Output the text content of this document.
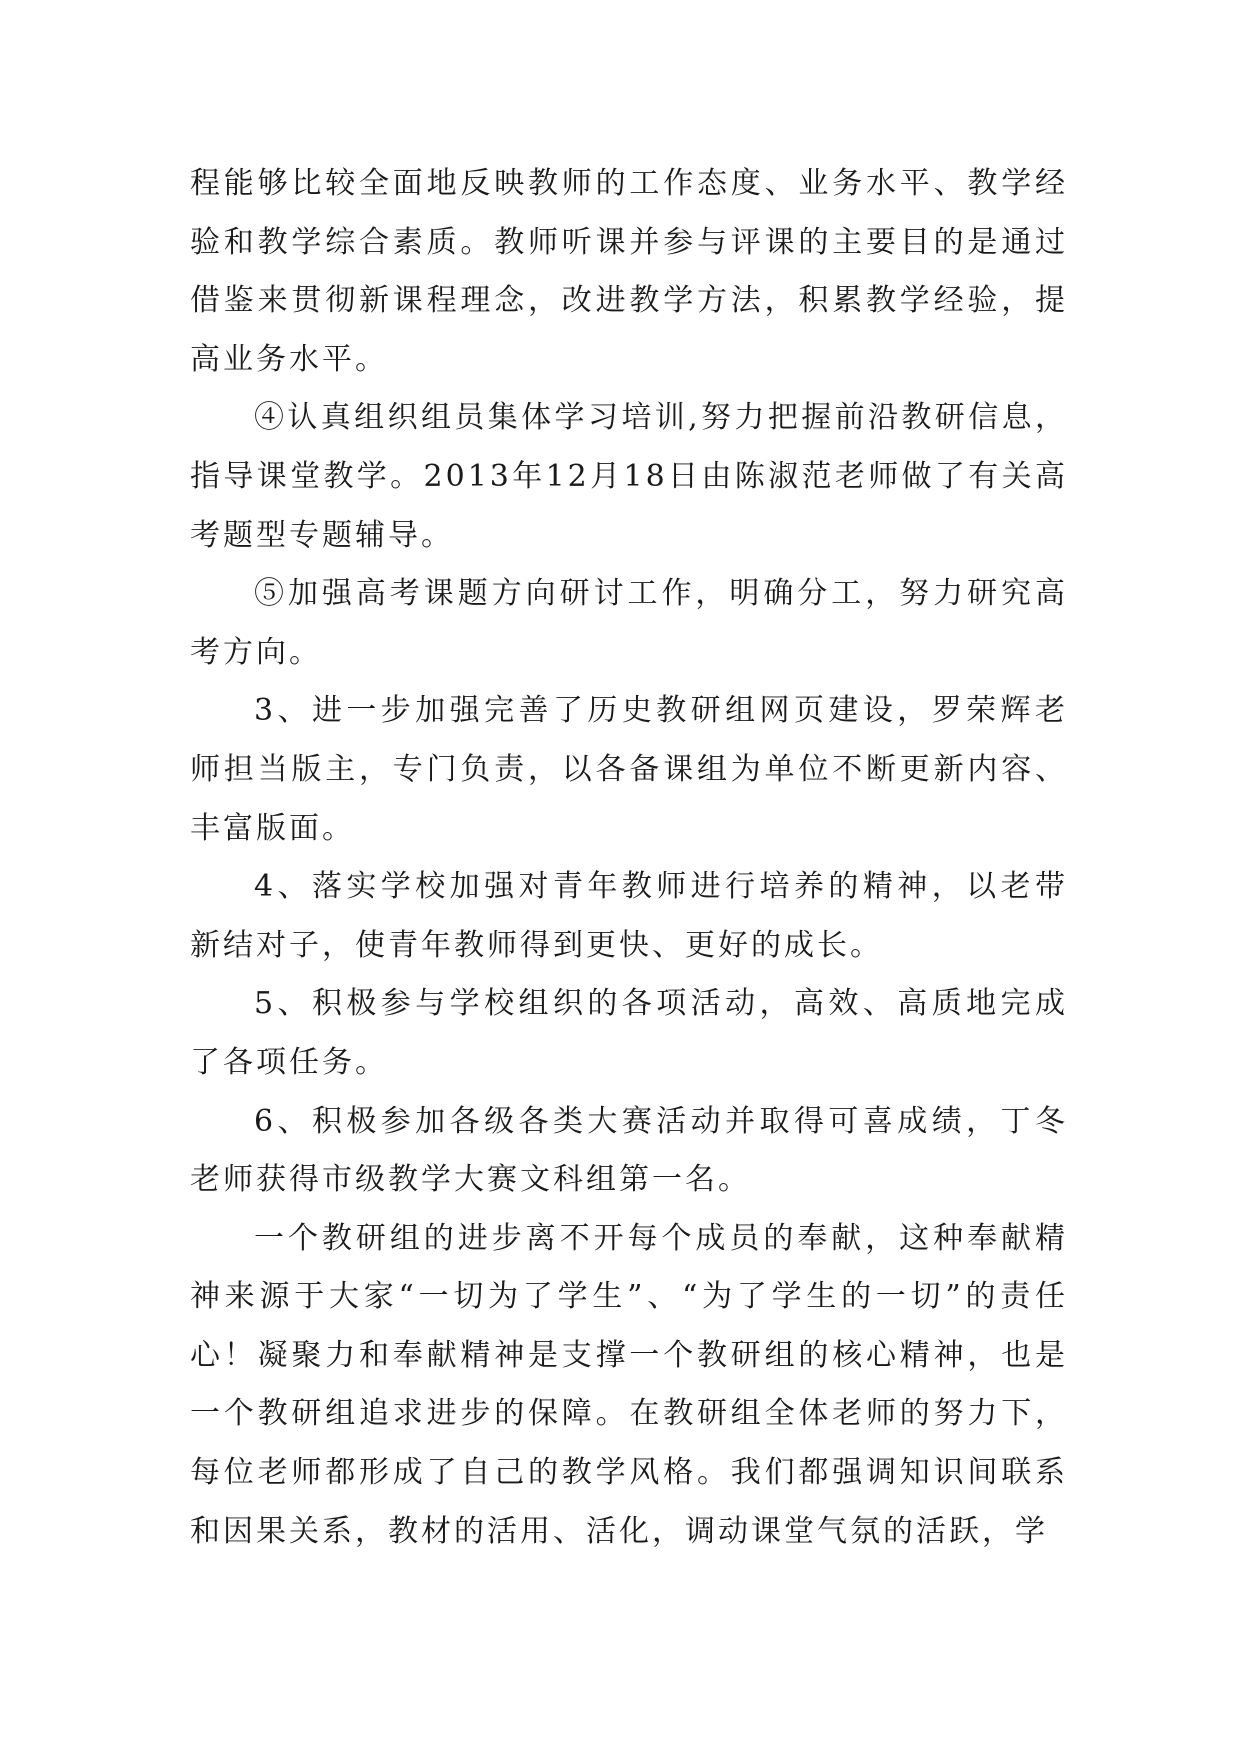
程能够比较全面地反映教师的工作态度、业务水平、教学经验和教学综合素质。教师听课并参与评课的主要目的是通过借鉴来贯彻新课程理念，改进教学方法，积累教学经验，提高业务水平。

④认真组织组员集体学习培训,努力把握前沿教研信息，指导课堂教学。2013年12月18日由陈淑范老师做了有关高考题型专题辅导。

⑤加强高考课题方向研讨工作，明确分工，努力研究高考方向。

3、进一步加强完善了历史教研组网页建设，罗荣辉老师担当版主，专门负责，以各备课组为单位不断更新内容、丰富版面。

4、落实学校加强对青年教师进行培养的精神，以老带新结对子，使青年教师得到更快、更好的成长。

5、积极参与学校组织的各项活动，高效、高质地完成了各项任务。

6、积极参加各级各类大赛活动并取得可喜成绩，丁冬老师获得市级教学大赛文科组第一名。

一个教研组的进步离不开每个成员的奉献，这种奉献精神来源于大家“一切为了学生”、“为了学生的一切”的责任心！凝聚力和奉献精神是支撑一个教研组的核心精神，也是一个教研组追求进步的保障。在教研组全体老师的努力下，每位老师都形成了自己的教学风格。我们都强调知识间联系和因果关系，教材的活用、活化，调动课堂气氛的活跃，学
